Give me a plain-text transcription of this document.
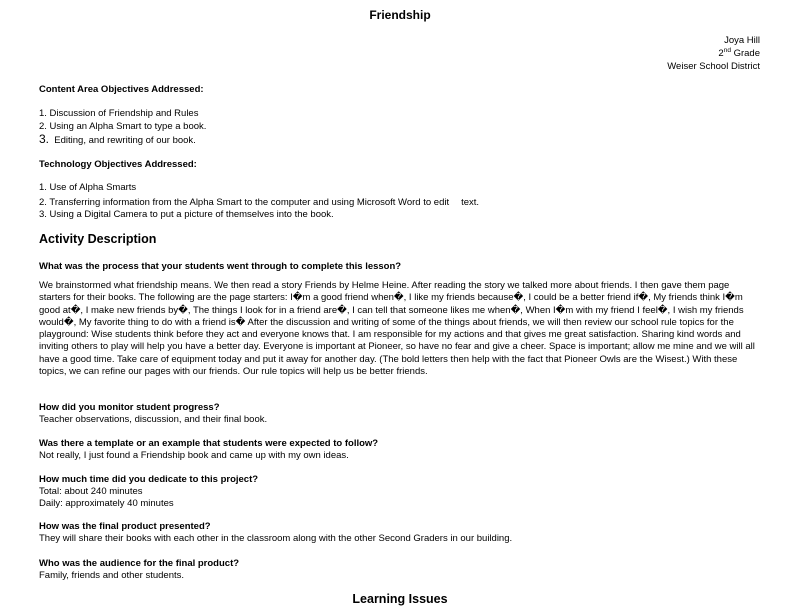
Friendship
Joya Hill
2nd Grade
Weiser School District
Content Area Objectives Addressed:
1. Discussion of Friendship and Rules
2. Using an Alpha Smart to type a book.
3. Editing, and rewriting of our book.
Technology Objectives Addressed:
1. Use of Alpha Smarts
2. Transferring information from the Alpha Smart to the computer and using Microsoft Word to edit text.
3. Using a Digital Camera to put a picture of themselves into the book.
Activity Description
What was the process that your students went through to complete this lesson?
We brainstormed what friendship means. We then read a story Friends by Helme Heine. After reading the story we talked more about friends. I then gave them page starters for their books. The following are the page starters: I�m a good friend when�, I like my friends because�, I could be a better friend if�, My friends think I�m good at�, I make new friends by�, The things I look for in a friend are�, I can tell that someone likes me when�, When I�m with my friend I feel�, I wish my friends would�, My favorite thing to do with a friend is� After the discussion and writing of some of the things about friends, we will then review our school rule topics for the playground: Wise students think before they act and everyone knows that. I am responsible for my actions and that gives me great satisfaction. Sharing kind words and inviting others to play will help you have a better day. Everyone is important at Pioneer, so have no fear and give a cheer. Space is important; allow me mine and we will all have a good time. Take care of equipment today and put it away for another day. (The bold letters then help with the fact that Pioneer Owls are the Wisest.) With these topics, we can refine our pages with our friends. Our rule topics will help us be better friends.
How did you monitor student progress?
Teacher observations, discussion, and their final book.
Was there a template or an example that students were expected to follow?
Not really, I just found a Friendship book and came up with my own ideas.
How much time did you dedicate to this project?
Total: about 240 minutes
Daily: approximately 40 minutes
How was the final product presented?
They will share their books with each other in the classroom along with the other Second Graders in our building.
Who was the audience for the final product?
Family, friends and other students.
Learning Issues
